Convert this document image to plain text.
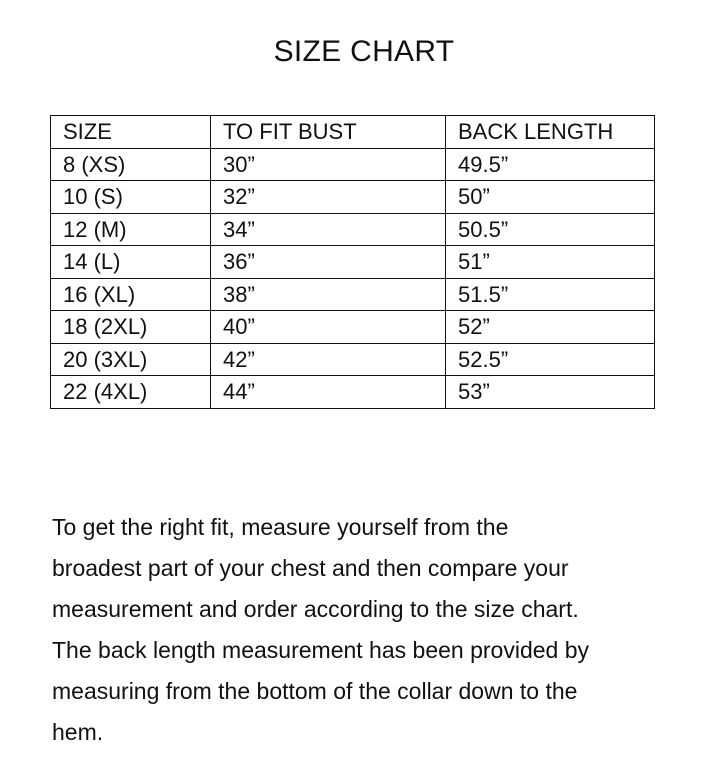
SIZE CHART
SIZE	TO FIT BUST	BACK LENGTH
8 (XS)	30”	49.5”
10 (S)	32”	50”
12 (M)	34”	50.5”
14 (L)	36”	51”
16 (XL)	38”	51.5”
18 (2XL)	40”	52”
20 (3XL)	42”	52.5”
22 (4XL)	44”	53”

To get the right fit, measure yourself from the
broadest part of your chest and then compare your
measurement and order according to the size chart.
The back length measurement has been provided by
measuring from the bottom of the collar down to the
hem.
